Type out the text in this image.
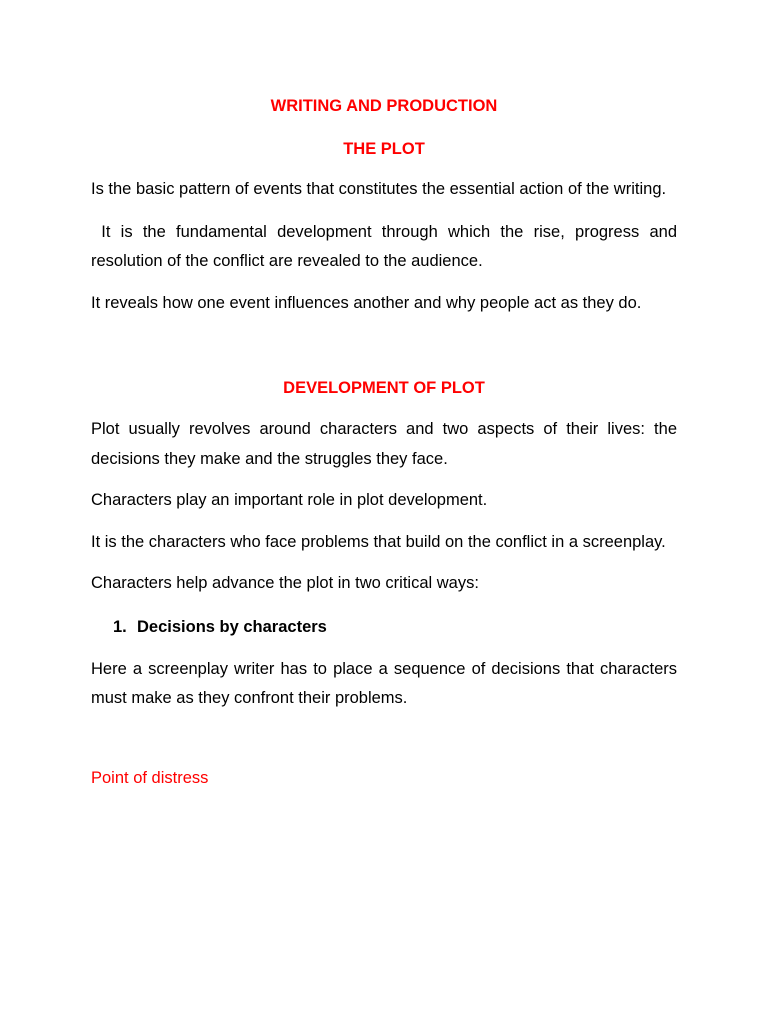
WRITING AND PRODUCTION

THE PLOT

Is the basic pattern of events that constitutes the essential action of the writing.

It is the fundamental development through which the rise, progress and resolution of the conflict are revealed to the audience.

It reveals how one event influences another and why people act as they do.

DEVELOPMENT OF PLOT

Plot usually revolves around characters and two aspects of their lives: the decisions they make and the struggles they face.

Characters play an important role in plot development.

It is the characters who face problems that build on the conflict in a screenplay.

Characters help advance the plot in two critical ways:

1. Decisions by characters

Here a screenplay writer has to place a sequence of decisions that characters must make as they confront their problems.

Point of distress
